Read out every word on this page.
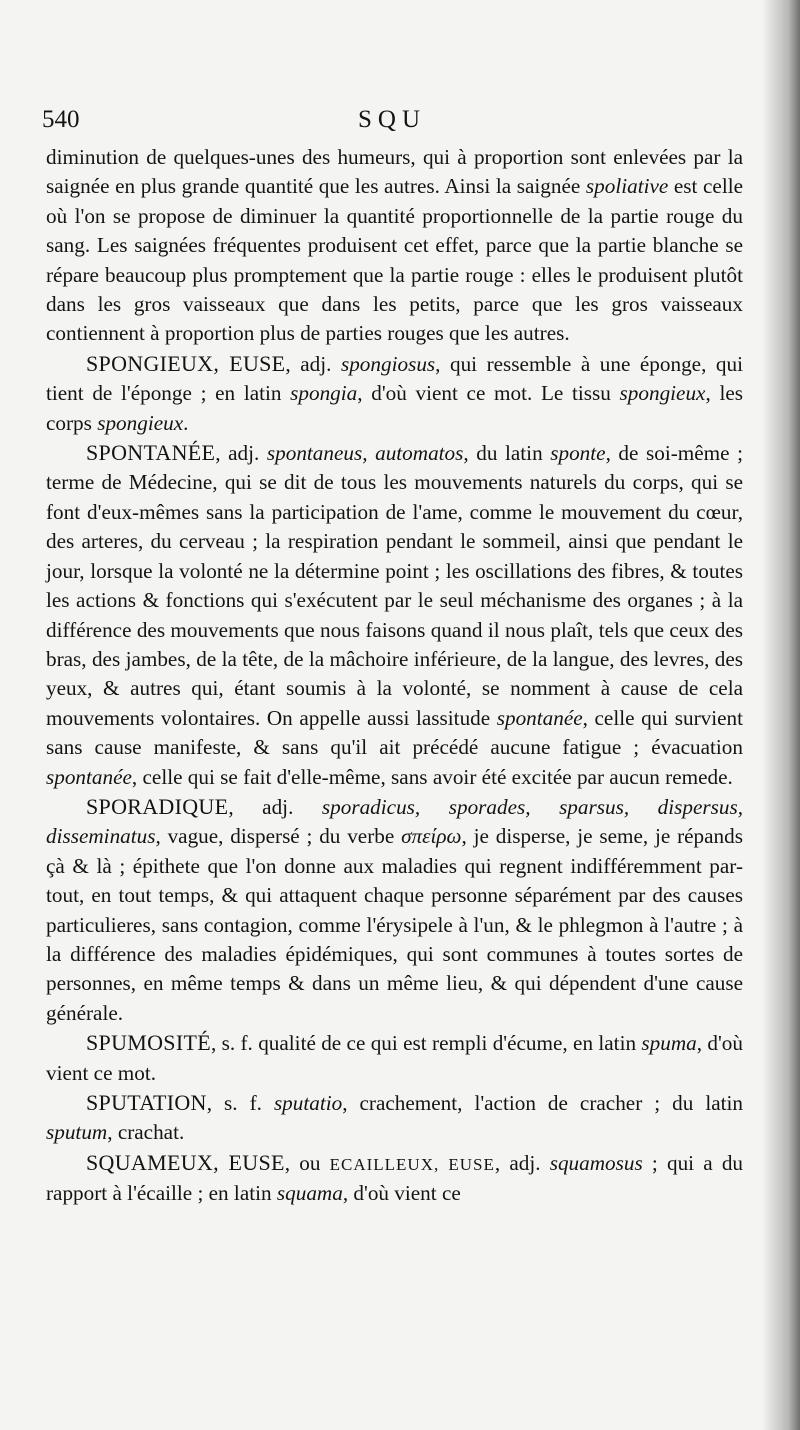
540	SQU

diminution de quelques-unes des humeurs, qui à proportion sont enlevées par la saignée en plus grande quantité que les autres. Ainsi la saignée spoliative est celle où l'on se propose de diminuer la quantité proportionnelle de la partie rouge du sang. Les saignées fréquentes produisent cet effet, parce que la partie blanche se répare beaucoup plus promptement que la partie rouge : elles le produisent plutôt dans les gros vaisseaux que dans les petits, parce que les gros vaisseaux contiennent à proportion plus de parties rouges que les autres.

SPONGIEUX, EUSE, adj. spongiosus, qui ressemble à une éponge, qui tient de l'éponge ; en latin spongia, d'où vient ce mot. Le tissu spongieux, les corps spongieux.

SPONTANÉE, adj. spontaneus, automatos, du latin sponte, de soi-même ; terme de Médecine, qui se dit de tous les mouvements naturels du corps, qui se font d'eux-mêmes sans la participation de l'ame, comme le mouvement du cœur, des arteres, du cerveau ; la respiration pendant le sommeil, ainsi que pendant le jour, lorsque la volonté ne la détermine point ; les oscillations des fibres, & toutes les actions & fonctions qui s'exécutent par le seul méchanisme des organes ; à la différence des mouvements que nous faisons quand il nous plaît, tels que ceux des bras, des jambes, de la tête, de la mâchoire inférieure, de la langue, des levres, des yeux, & autres qui, étant soumis à la volonté, se nomment à cause de cela mouvements volontaires. On appelle aussi lassitude spontanée, celle qui survient sans cause manifeste, & sans qu'il ait précédé aucune fatigue ; évacuation spontanée, celle qui se fait d'elle-même, sans avoir été excitée par aucun remede.

SPORADIQUE, adj. sporadicus, sporades, sparsus, dispersus, disseminatus, vague, dispersé ; du verbe σπείρω, je disperse, je seme, je répands çà & là ; épithete que l'on donne aux maladies qui regnent indifféremment par-tout, en tout temps, & qui attaquent chaque personne séparément par des causes particulieres, sans contagion, comme l'érysipele à l'un, & le phlegmon à l'autre ; à la différence des maladies épidémiques, qui sont communes à toutes sortes de personnes, en même temps & dans un même lieu, & qui dépendent d'une cause générale.

SPUMOSITÉ, s. f. qualité de ce qui est rempli d'écume, en latin spuma, d'où vient ce mot.

SPUTATION, s. f. sputatio, crachement, l'action de cracher ; du latin sputum, crachat.

SQUAMEUX, EUSE, ou ECAILLEUX, EUSE, adj. squamosus ; qui a du rapport à l'écaille ; en latin squama, d'où vient ce
